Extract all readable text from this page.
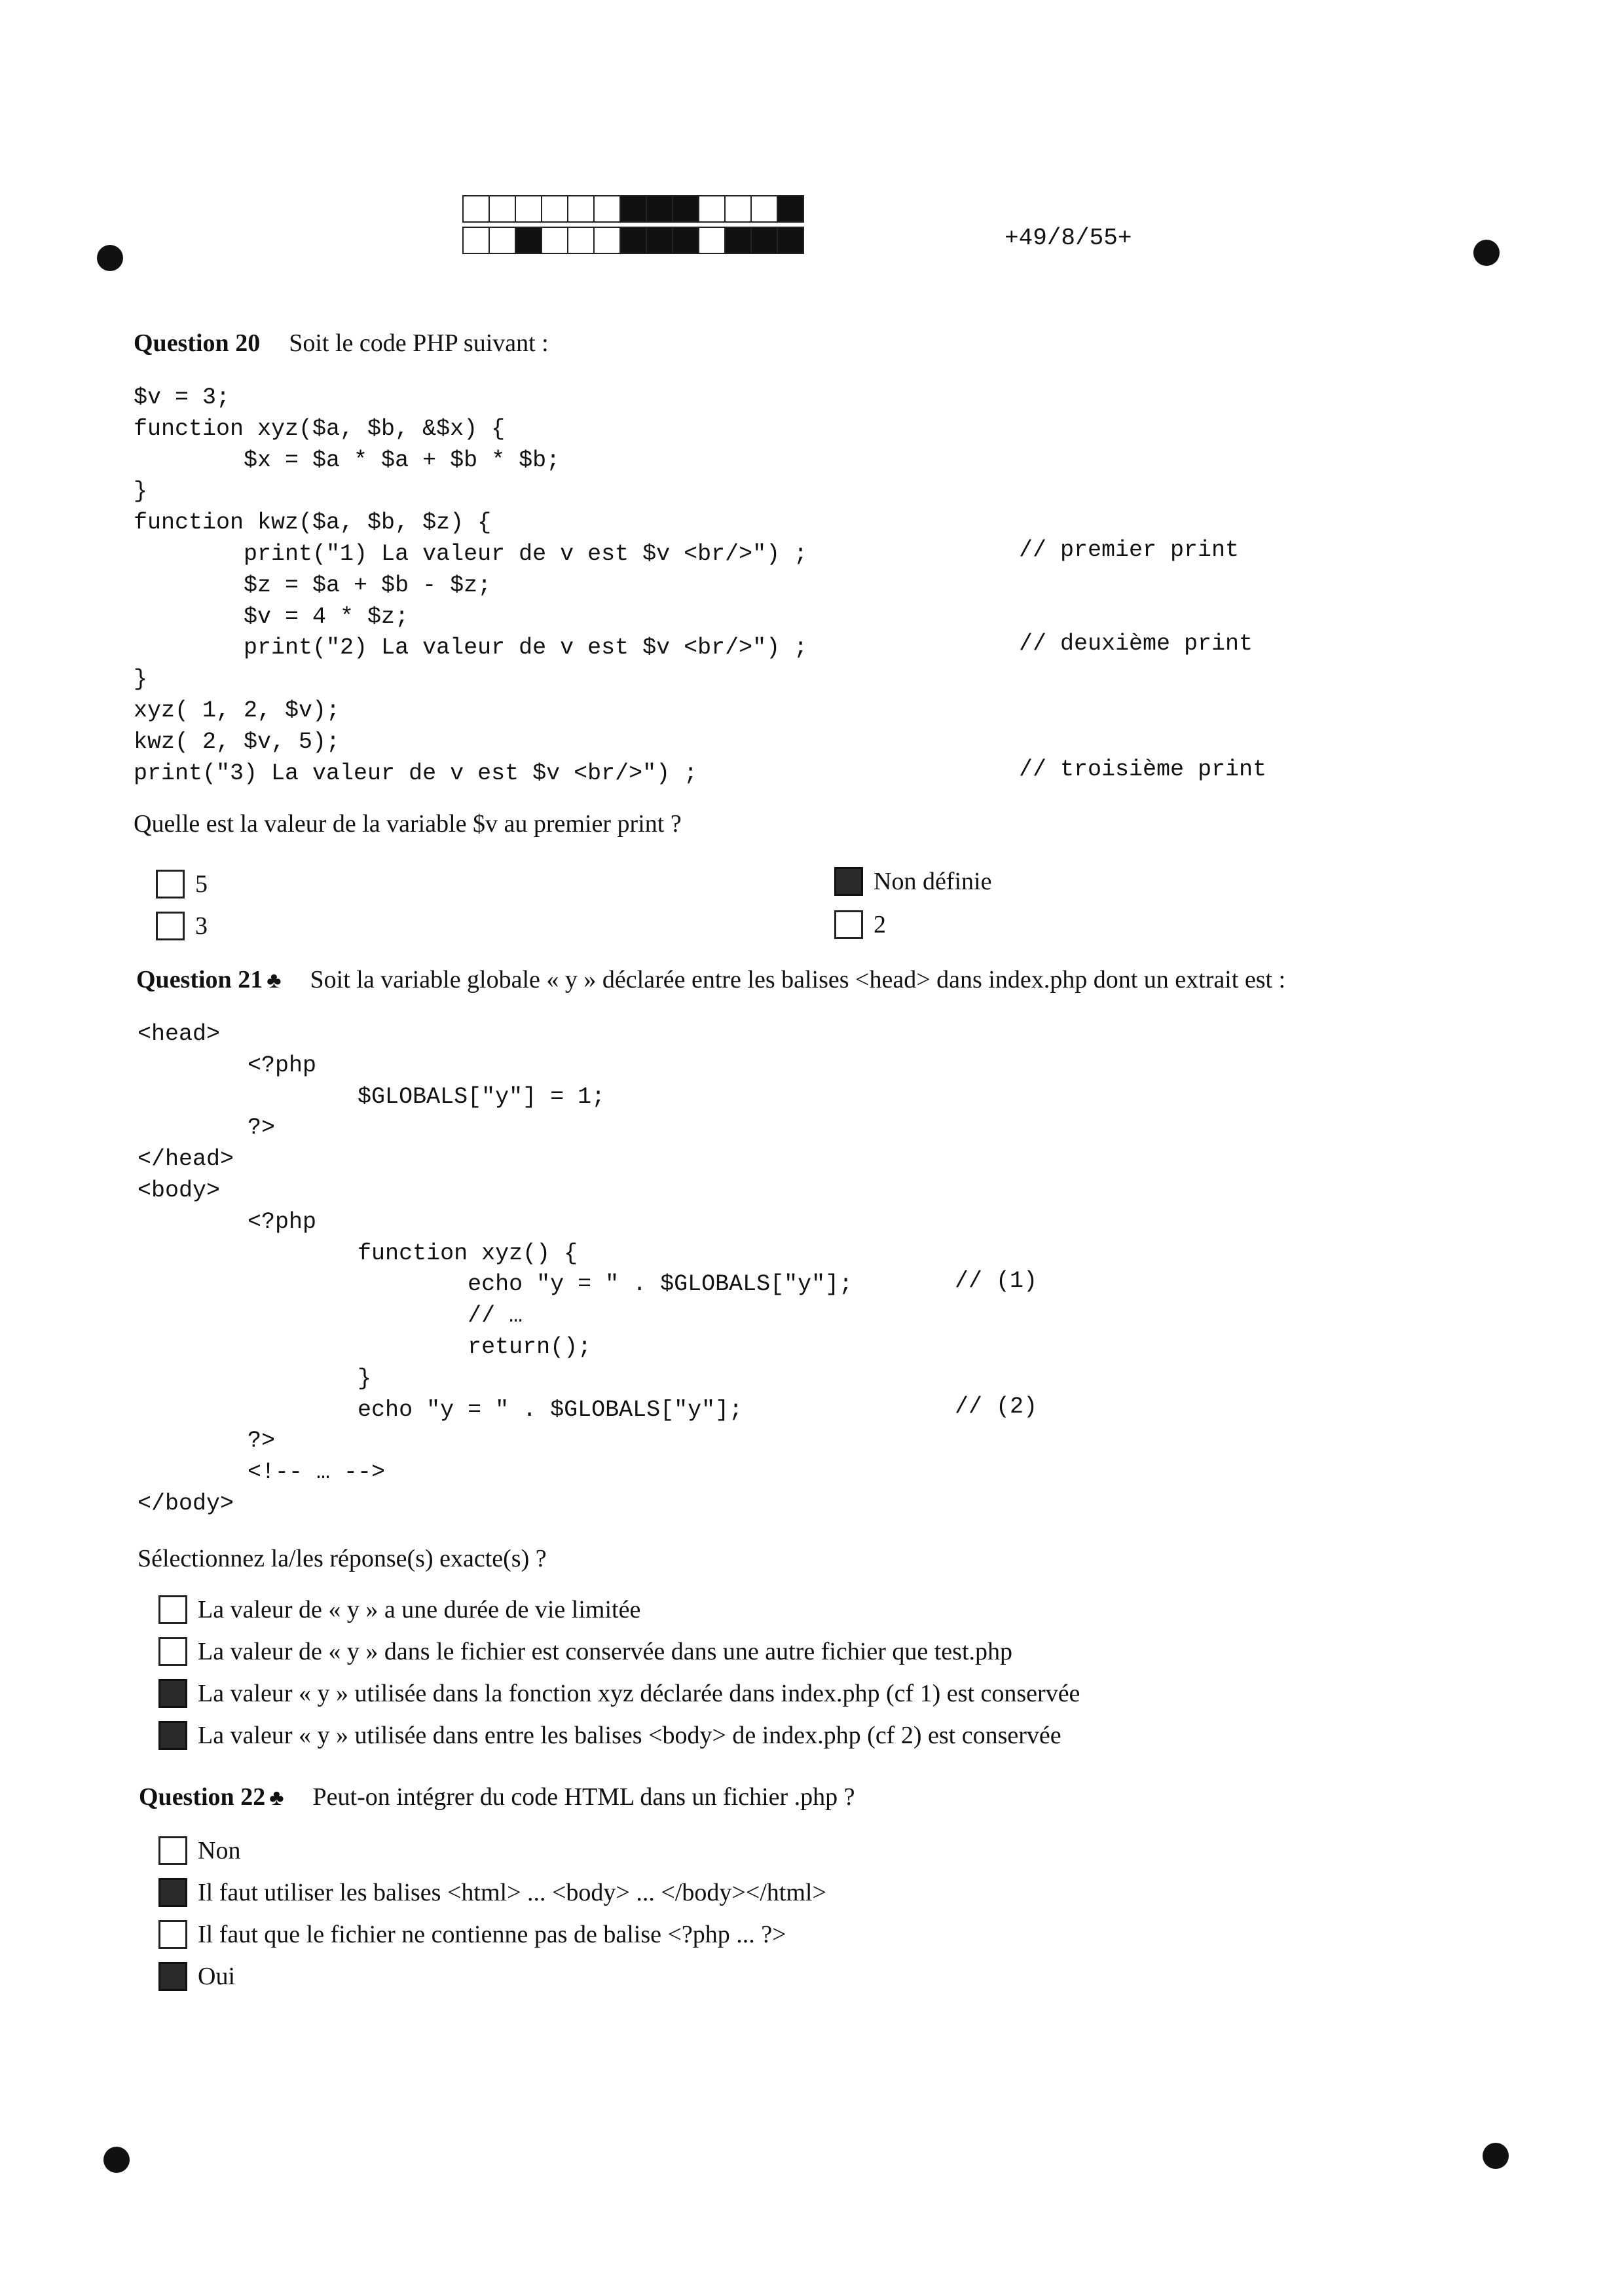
+49/8/55+
Question 20 Soit le code PHP suivant :
$v = 3;
function xyz($a, $b, &$x) {
$x = $a * $a + $b * $b;
}
function kwz($a, $b, $z) {
print("1) La valeur de v est $v <br/>") ;
$z = $a + $b - $z;
$v = 4 * $z;
print("2) La valeur de v est $v <br/>") ;
}
xyz( 1, 2, $v);
kwz( 2, $v, 5);
print("3) La valeur de v est $v <br/>") ;
// premier print
// deuxième print
// troisième print
Quelle est la valeur de la variable $v au premier print ?
5
3
Non définie
2
Question 21 ♣ Soit la variable globale « y » déclarée entre les balises <head> dans index.php dont un extrait est :
<head>
<?php
$GLOBALS["y"] = 1;
?>
</head>
<body>
<?php
function xyz() {
echo "y = " . $GLOBALS["y"];
// …
return();
}
echo "y = " . $GLOBALS["y"];
?>
<!-- … -->
</body>
// (1)
// (2)
Sélectionnez la/les réponse(s) exacte(s) ?
La valeur de « y » a une durée de vie limitée
La valeur de « y » dans le fichier est conservée dans une autre fichier que test.php
La valeur « y » utilisée dans la fonction xyz déclarée dans index.php (cf 1) est conservée
La valeur « y » utilisée dans entre les balises <body> de index.php (cf 2) est conservée
Question 22 ♣ Peut-on intégrer du code HTML dans un fichier .php ?
Non
Il faut utiliser les balises <html> ... <body> ... </body></html>
Il faut que le fichier ne contienne pas de balise <?php ... ?>
Oui
